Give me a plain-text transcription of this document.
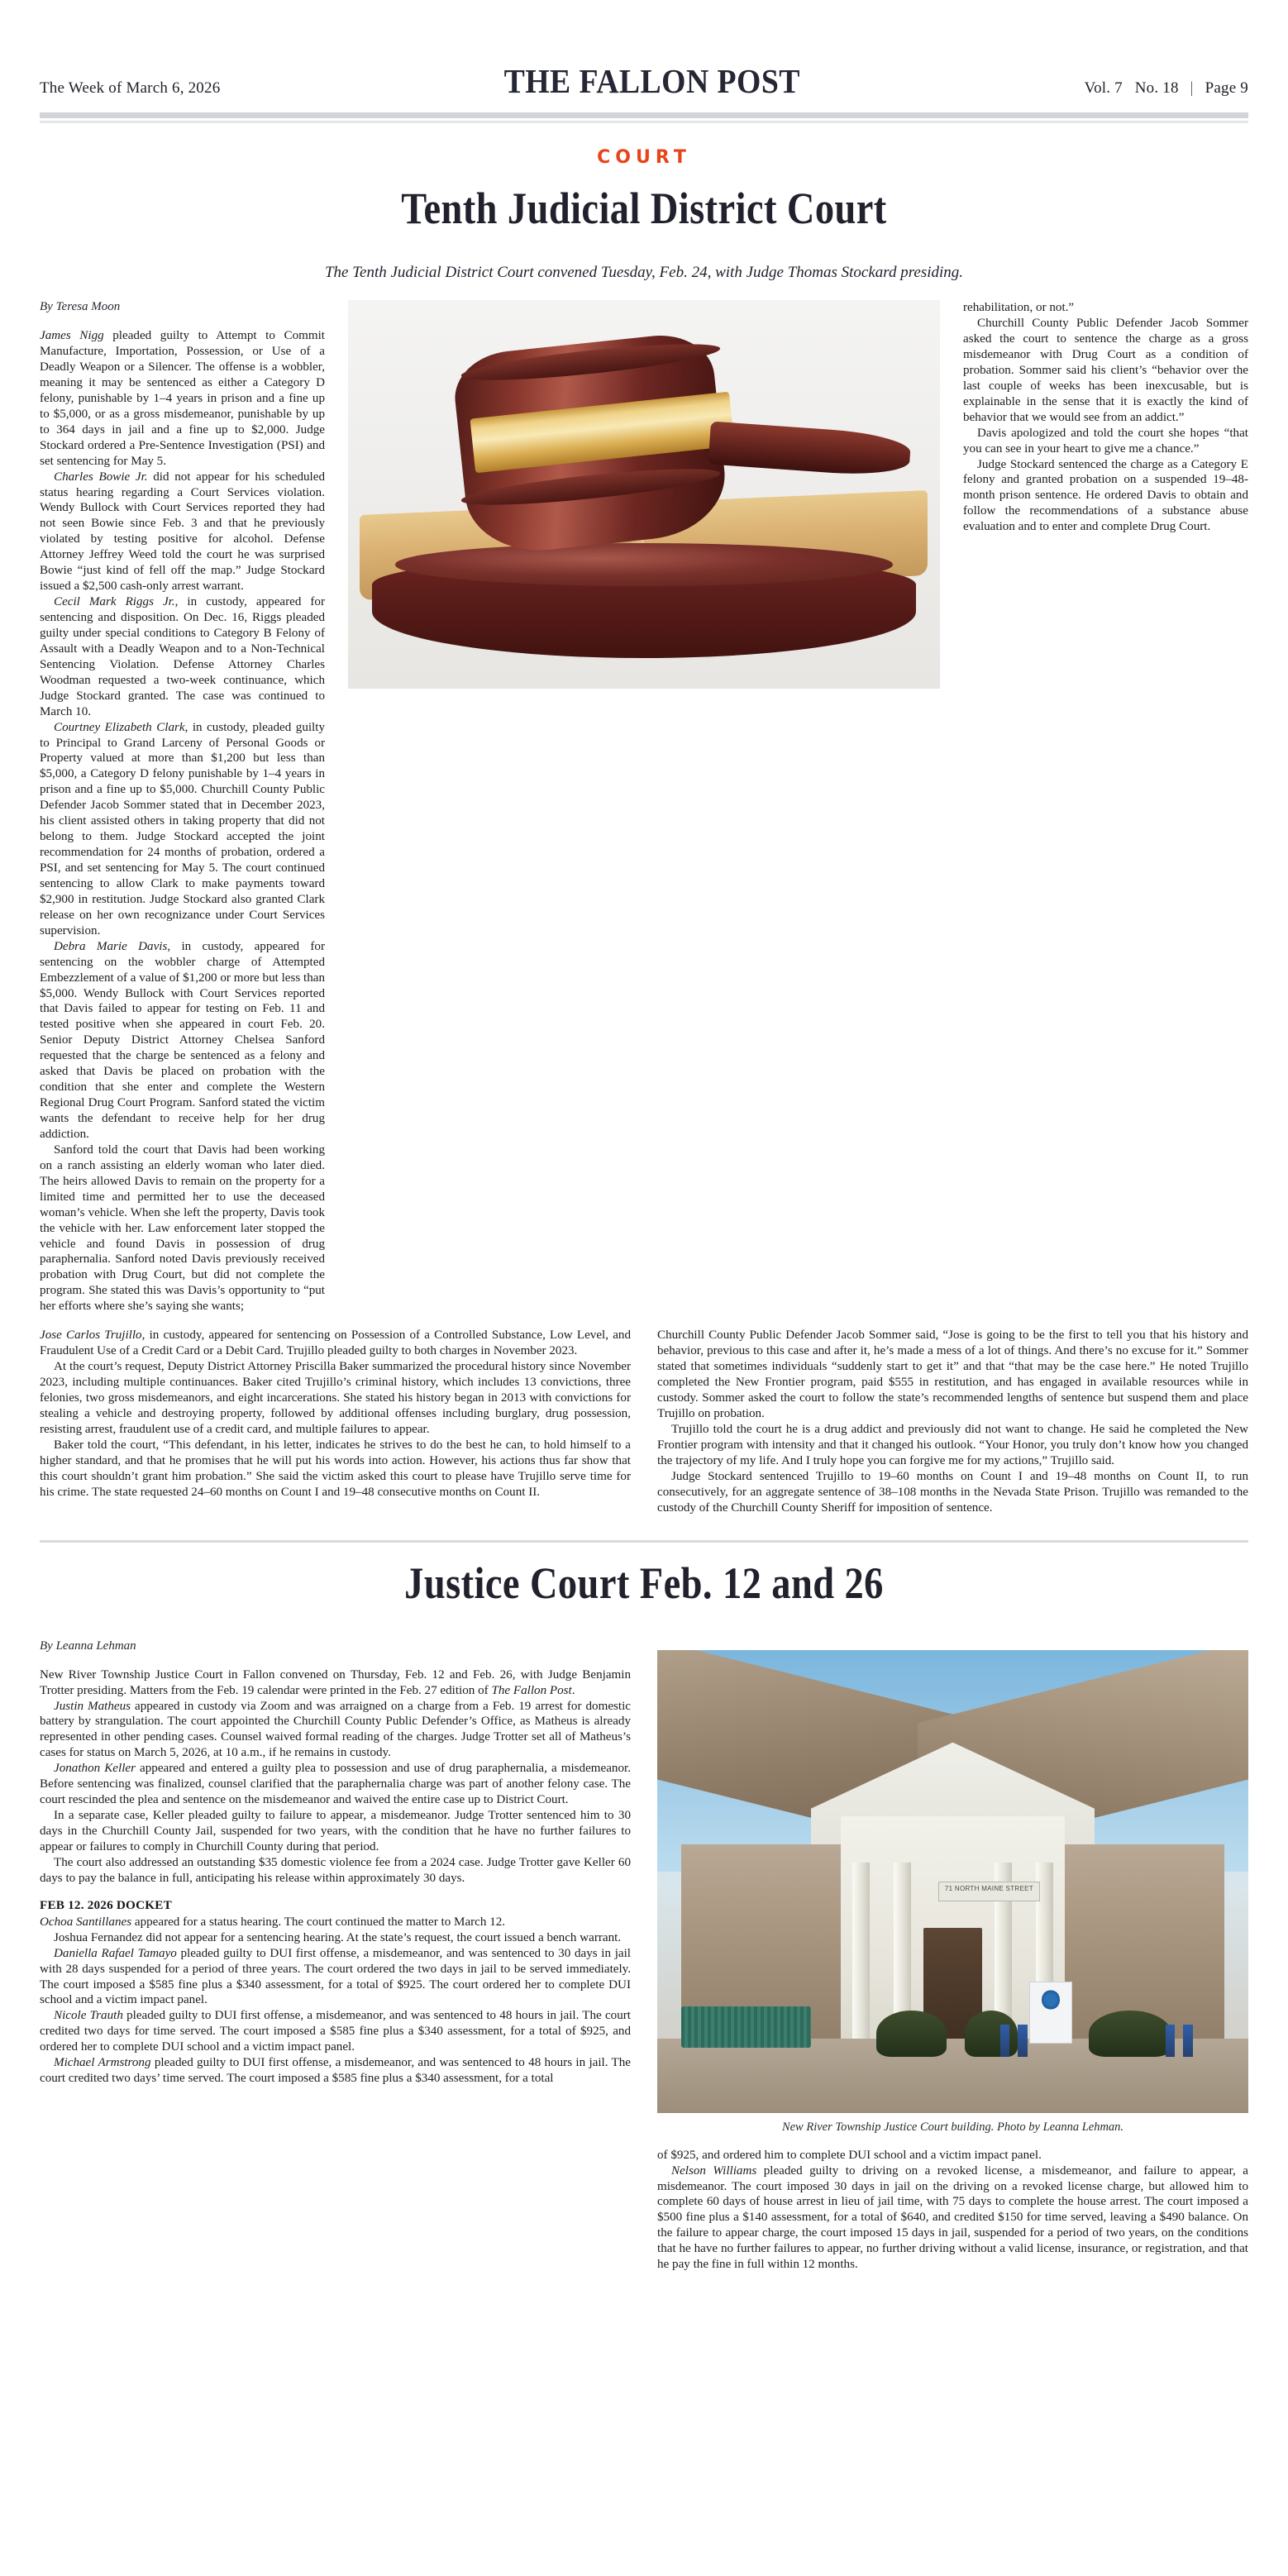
The Week of March 6, 2026	THE FALLON POST	Vol. 7 No. 18 | Page 9
COURT
Tenth Judicial District Court
The Tenth Judicial District Court convened Tuesday, Feb. 24, with Judge Thomas Stockard presiding.
By Teresa Moon

James Nigg pleaded guilty to Attempt to Commit Manufacture, Importation, Possession, or Use of a Deadly Weapon or a Silencer. The offense is a wobbler, meaning it may be sentenced as either a Category D felony, punishable by 1–4 years in prison and a fine up to $5,000, or as a gross misdemeanor, punishable by up to 364 days in jail and a fine up to $2,000. Judge Stockard ordered a Pre-Sentence Investigation (PSI) and set sentencing for May 5.

Charles Bowie Jr. did not appear for his scheduled status hearing regarding a Court Services violation. Wendy Bullock with Court Services reported they had not seen Bowie since Feb. 3 and that he previously violated by testing positive for alcohol. Defense Attorney Jeffrey Weed told the court he was surprised Bowie “just kind of fell off the map.” Judge Stockard issued a $2,500 cash-only arrest warrant.

Cecil Mark Riggs Jr., in custody, appeared for sentencing and disposition. On Dec. 16, Riggs pleaded guilty under special conditions to Category B Felony of Assault with a Deadly Weapon and to a Non-Technical Sentencing Violation. Defense Attorney Charles Woodman requested a two-week continuance, which Judge Stockard granted. The case was continued to March 10.

Courtney Elizabeth Clark, in custody, pleaded guilty to Principal to Grand Larceny of Personal Goods or Property valued at more than $1,200 but less than $5,000, a Category D felony punishable by 1–4 years in prison and a fine up to $5,000. Churchill County Public Defender Jacob Sommer stated that in December 2023, his client assisted others in taking property that did not belong to them. Judge Stockard accepted the joint recommendation for 24 months of probation, ordered a PSI, and set sentencing for May 5. The court continued sentencing to allow Clark to make payments toward $2,900 in restitution. Judge Stockard also granted Clark release on her own recognizance under Court Services supervision.

Debra Marie Davis, in custody, appeared for sentencing on the wobbler charge of Attempted Embezzlement of a value of $1,200 or more but less than $5,000. Wendy Bullock with Court Services reported that Davis failed to appear for testing on Feb. 11 and tested positive when she appeared in court Feb. 20. Senior Deputy District Attorney Chelsea Sanford requested that the charge be sentenced as a felony and asked that Davis be placed on probation with the condition that she enter and complete the Western Regional Drug Court Program. Sanford stated the victim wants the defendant to receive help for her drug addiction.

Sanford told the court that Davis had been working on a ranch assisting an elderly woman who later died. The heirs allowed Davis to remain on the property for a limited time and permitted her to use the deceased woman’s vehicle. When she left the property, Davis took the vehicle with her. Law enforcement later stopped the vehicle and found Davis in possession of drug paraphernalia. Sanford noted Davis previously received probation with Drug Court, but did not complete the program. She stated this was Davis’s opportunity to “put her efforts where she’s saying she wants;

rehabilitation, or not.”

Churchill County Public Defender Jacob Sommer asked the court to sentence the charge as a gross misdemeanor with Drug Court as a condition of probation. Sommer said his client’s “behavior over the last couple of weeks has been inexcusable, but is explainable in the sense that it is exactly the kind of behavior that we would see from an addict.”

Davis apologized and told the court she hopes “that you can see in your heart to give me a chance.”

Judge Stockard sentenced the charge as a Category E felony and granted probation on a suspended 19–48-month prison sentence. He ordered Davis to obtain and follow the recommendations of a substance abuse evaluation and to enter and complete Drug Court.

Jose Carlos Trujillo, in custody, appeared for sentencing on Possession of a Controlled Substance, Low Level, and Fraudulent Use of a Credit Card or a Debit Card. Trujillo pleaded guilty to both charges in November 2023.

At the court’s request, Deputy District Attorney Priscilla Baker summarized the procedural history since November 2023, including multiple continuances. Baker cited Trujillo’s criminal history, which includes 13 convictions, three felonies, two gross misdemeanors, and eight incarcerations. She stated his history began in 2013 with convictions for stealing a vehicle and destroying property, followed by additional offenses including burglary, drug possession, resisting arrest, fraudulent use of a credit card, and multiple failures to appear.

Baker told the court, “This defendant, in his letter, indicates he strives to do the best he can, to hold himself to a higher standard, and that he promises that he will put his words into action. However, his actions thus far show that this court shouldn’t grant him probation.” She said the victim asked this court to please have Trujillo serve time for his crime. The state requested 24–60 months on Count I and 19–48 consecutive months on Count II.

Churchill County Public Defender Jacob Sommer said, “Jose is going to be the first to tell you that his history and behavior, previous to this case and after it, he’s made a mess of a lot of things. And there’s no excuse for it.” Sommer stated that sometimes individuals “suddenly start to get it” and that “that may be the case here.” He noted Trujillo completed the New Frontier program, paid $555 in restitution, and has engaged in available resources while in custody. Sommer asked the court to follow the state’s recommended lengths of sentence but suspend them and place Trujillo on probation.

Trujillo told the court he is a drug addict and previously did not want to change. He said he completed the New Frontier program with intensity and that it changed his outlook. “Your Honor, you truly don’t know how you changed the trajectory of my life. And I truly hope you can forgive me for my actions,” Trujillo said.

Judge Stockard sentenced Trujillo to 19–60 months on Count I and 19–48 months on Count II, to run consecutively, for an aggregate sentence of 38–108 months in the Nevada State Prison. Trujillo was remanded to the custody of the Churchill County Sheriff for imposition of sentence.

Justice Court Feb. 12 and 26
By Leanna Lehman

New River Township Justice Court in Fallon convened on Thursday, Feb. 12 and Feb. 26, with Judge Benjamin Trotter presiding. Matters from the Feb. 19 calendar were printed in the Feb. 27 edition of The Fallon Post.

Justin Matheus appeared in custody via Zoom and was arraigned on a charge from a Feb. 19 arrest for domestic battery by strangulation. The court appointed the Churchill County Public Defender’s Office, as Matheus is already represented in other pending cases. Counsel waived formal reading of the charges. Judge Trotter set all of Matheus’s cases for status on March 5, 2026, at 10 a.m., if he remains in custody.

Jonathon Keller appeared and entered a guilty plea to possession and use of drug paraphernalia, a misdemeanor. Before sentencing was finalized, counsel clarified that the paraphernalia charge was part of another felony case. The court rescinded the plea and sentence on the misdemeanor and waived the entire case up to District Court.

In a separate case, Keller pleaded guilty to failure to appear, a misdemeanor. Judge Trotter sentenced him to 30 days in the Churchill County Jail, suspended for two years, with the condition that he have no further failures to appear or failures to comply in Churchill County during that period.

The court also addressed an outstanding $35 domestic violence fee from a 2024 case. Judge Trotter gave Keller 60 days to pay the balance in full, anticipating his release within approximately 30 days.

FEB 12. 2026 DOCKET

Ochoa Santillanes appeared for a status hearing. The court continued the matter to March 12.

Joshua Fernandez did not appear for a sentencing hearing. At the state’s request, the court issued a bench warrant.

Daniella Rafael Tamayo pleaded guilty to DUI first offense, a misdemeanor, and was sentenced to 30 days in jail with 28 days suspended for a period of three years. The court ordered the two days in jail to be served immediately. The court imposed a $585 fine plus a $340 assessment, for a total of $925. The court ordered her to complete DUI school and a victim impact panel.

Nicole Trauth pleaded guilty to DUI first offense, a misdemeanor, and was sentenced to 48 hours in jail. The court credited two days for time served. The court imposed a $585 fine plus a $340 assessment, for a total of $925, and ordered her to complete DUI school and a victim impact panel.

Michael Armstrong pleaded guilty to DUI first offense, a misdemeanor, and was sentenced to 48 hours in jail. The court credited two days’ time served. The court imposed a $585 fine plus a $340 assessment, for a total

71 NORTH MAINE STREET
New River Township Justice Court building. Photo by Leanna Lehman.

of $925, and ordered him to complete DUI school and a victim impact panel.

Nelson Williams pleaded guilty to driving on a revoked license, a misdemeanor, and failure to appear, a misdemeanor. The court imposed 30 days in jail on the driving on a revoked license charge, but allowed him to complete 60 days of house arrest in lieu of jail time, with 75 days to complete the house arrest. The court imposed a $500 fine plus a $140 assessment, for a total of $640, and credited $150 for time served, leaving a $490 balance. On the failure to appear charge, the court imposed 15 days in jail, suspended for a period of two years, on the conditions that he have no further failures to appear, no further driving without a valid license, insurance, or registration, and that he pay the fine in full within 12 months.
